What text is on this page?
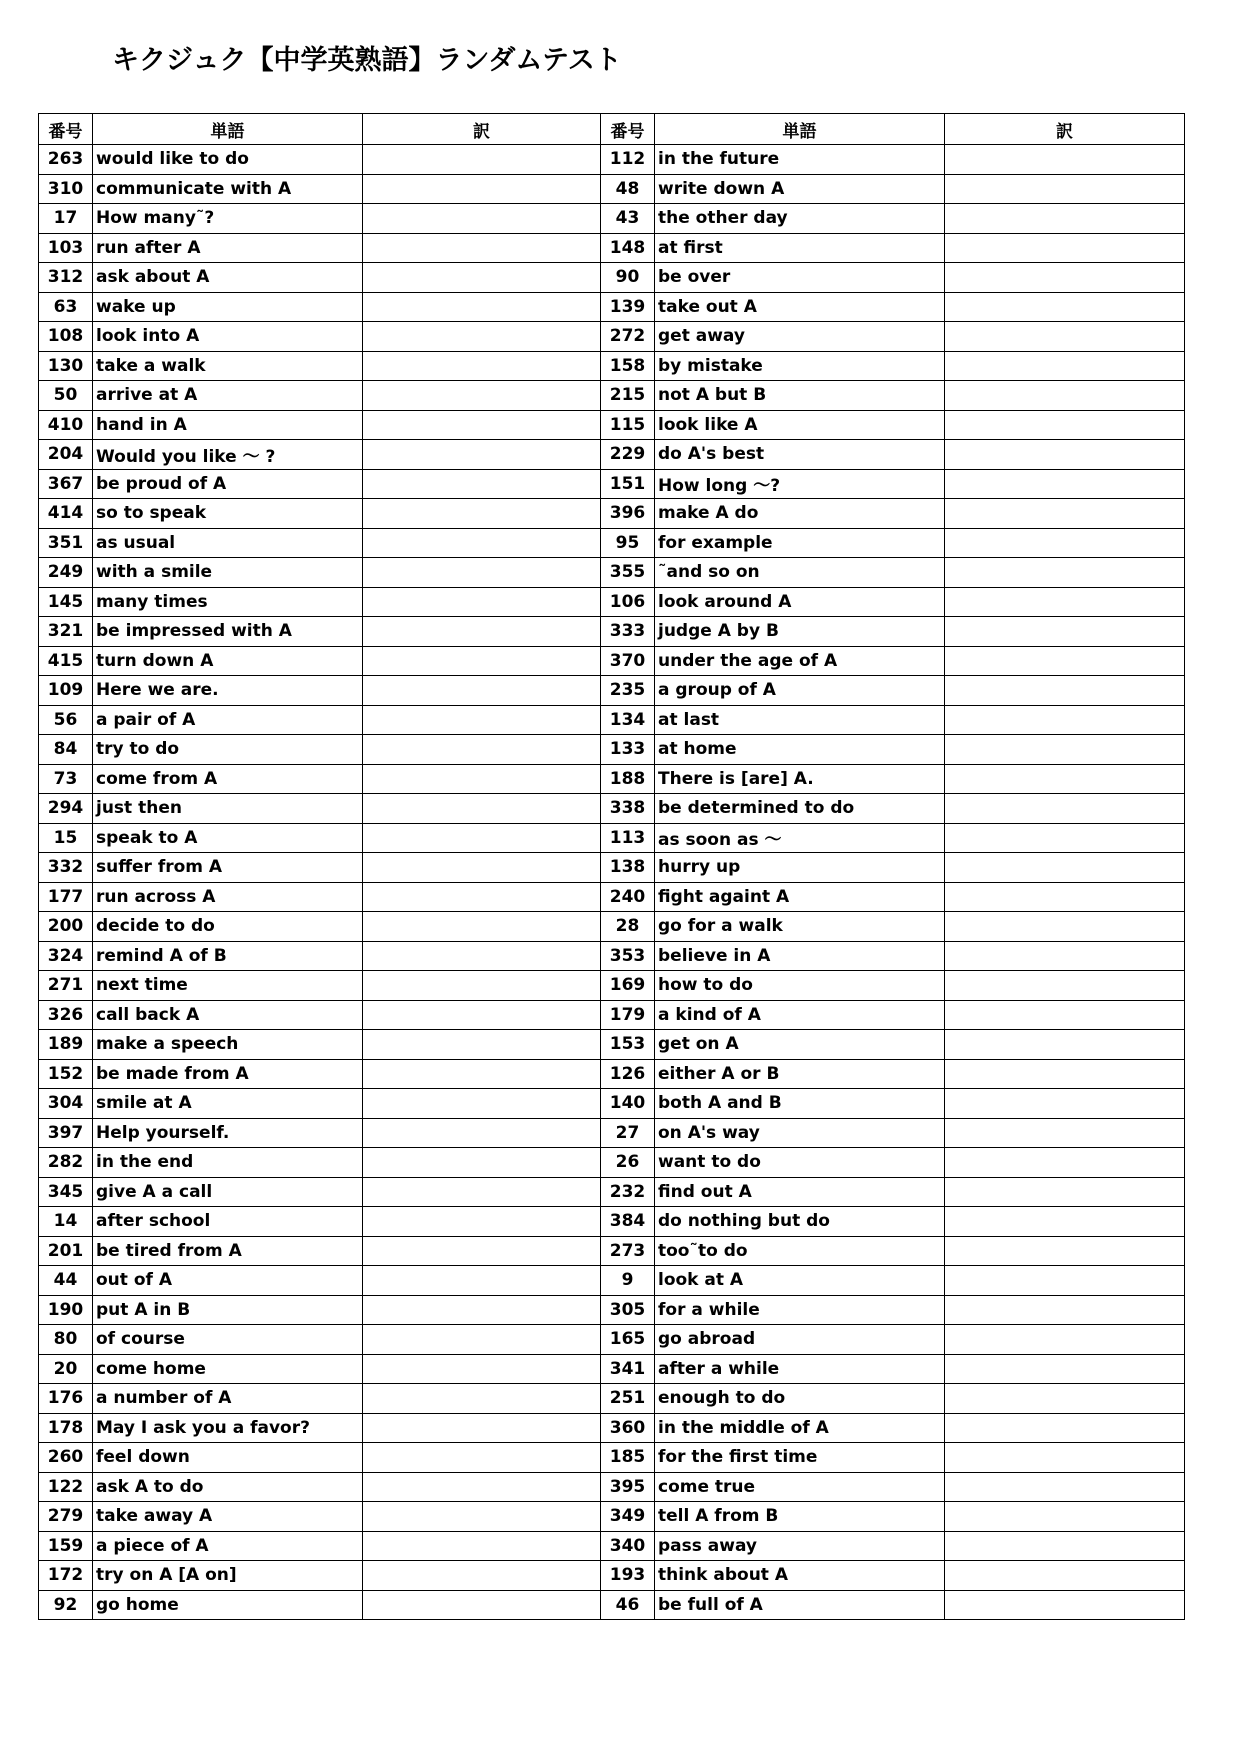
キクジュク【中学英熟語】ランダムテスト
番号	単語	訳	番号	単語	訳
263	would like to do		112	in the future	
310	communicate with A		48	write down A	
17	How many˜?		43	the other day	
103	run after A		148	at first	
312	ask about A		90	be over	
63	wake up		139	take out A	
108	look into A		272	get away	
130	take a walk		158	by mistake	
50	arrive at A		215	not A but B	
410	hand in A		115	look like A	
204	Would you like ～ ?		229	do A's best	
367	be proud of A		151	How long ～?	
414	so to speak		396	make A do	
351	as usual		95	for example	
249	with a smile		355	˜and so on	
145	many times		106	look around A	
321	be impressed with A		333	judge A by B	
415	turn down A		370	under the age of A	
109	Here we are.		235	a group of A	
56	a pair of A		134	at last	
84	try to do		133	at home	
73	come from A		188	There is [are] A.	
294	just then		338	be determined to do	
15	speak to A		113	as soon as ～	
332	suffer from A		138	hurry up	
177	run across A		240	fight againt A	
200	decide to do		28	go for a walk	
324	remind A of B		353	believe in A	
271	next time		169	how to do	
326	call back A		179	a kind of A	
189	make a speech		153	get on A	
152	be made from A		126	either A or B	
304	smile at A		140	both A and B	
397	Help yourself.		27	on A's way	
282	in the end		26	want to do	
345	give A a call		232	find out A	
14	after school		384	do nothing but do	
201	be tired from A		273	too˜to do	
44	out of A		9	look at A	
190	put A in B		305	for a while	
80	of course		165	go abroad	
20	come home		341	after a while	
176	a number of A		251	enough to do	
178	May I ask you a favor?		360	in the middle of A	
260	feel down		185	for the first time	
122	ask A to do		395	come true	
279	take away A		349	tell A from B	
159	a piece of A		340	pass away	
172	try on A [A on]		193	think about A	
92	go home		46	be full of A	
